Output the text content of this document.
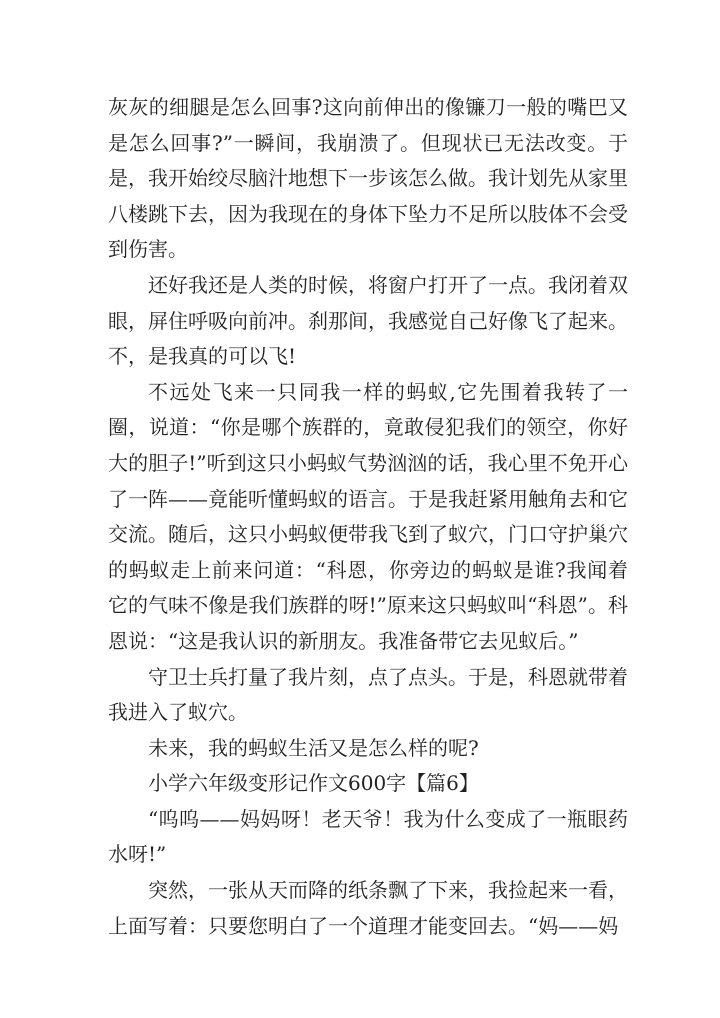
灰灰的细腿是怎么回事?这向前伸出的像镰刀一般的嘴巴又是怎么回事?”一瞬间，我崩溃了。但现状已无法改变。于是，我开始绞尽脑汁地想下一步该怎么做。我计划先从家里八楼跳下去，因为我现在的身体下坠力不足所以肢体不会受到伤害。

还好我还是人类的时候，将窗户打开了一点。我闭着双眼，屏住呼吸向前冲。刹那间，我感觉自己好像飞了起来。不，是我真的可以飞!

不远处飞来一只同我一样的蚂蚁,它先围着我转了一圈，说道：“你是哪个族群的，竟敢侵犯我们的领空，你好大的胆子!”听到这只小蚂蚁气势汹汹的话，我心里不免开心了一阵——竟能听懂蚂蚁的语言。于是我赶紧用触角去和它交流。随后，这只小蚂蚁便带我飞到了蚁穴，门口守护巢穴的蚂蚁走上前来问道：“科恩，你旁边的蚂蚁是谁?我闻着它的气味不像是我们族群的呀!”原来这只蚂蚁叫“科恩”。科恩说：“这是我认识的新朋友。我准备带它去见蚁后。”

守卫士兵打量了我片刻，点了点头。于是，科恩就带着我进入了蚁穴。

未来，我的蚂蚁生活又是怎么样的呢?

小学六年级变形记作文600字【篇6】

“呜呜——妈妈呀！老天爷！我为什么变成了一瓶眼药水呀!”

突然，一张从天而降的纸条飘了下来，我捡起来一看，上面写着：只要您明白了一个道理才能变回去。“妈——妈
